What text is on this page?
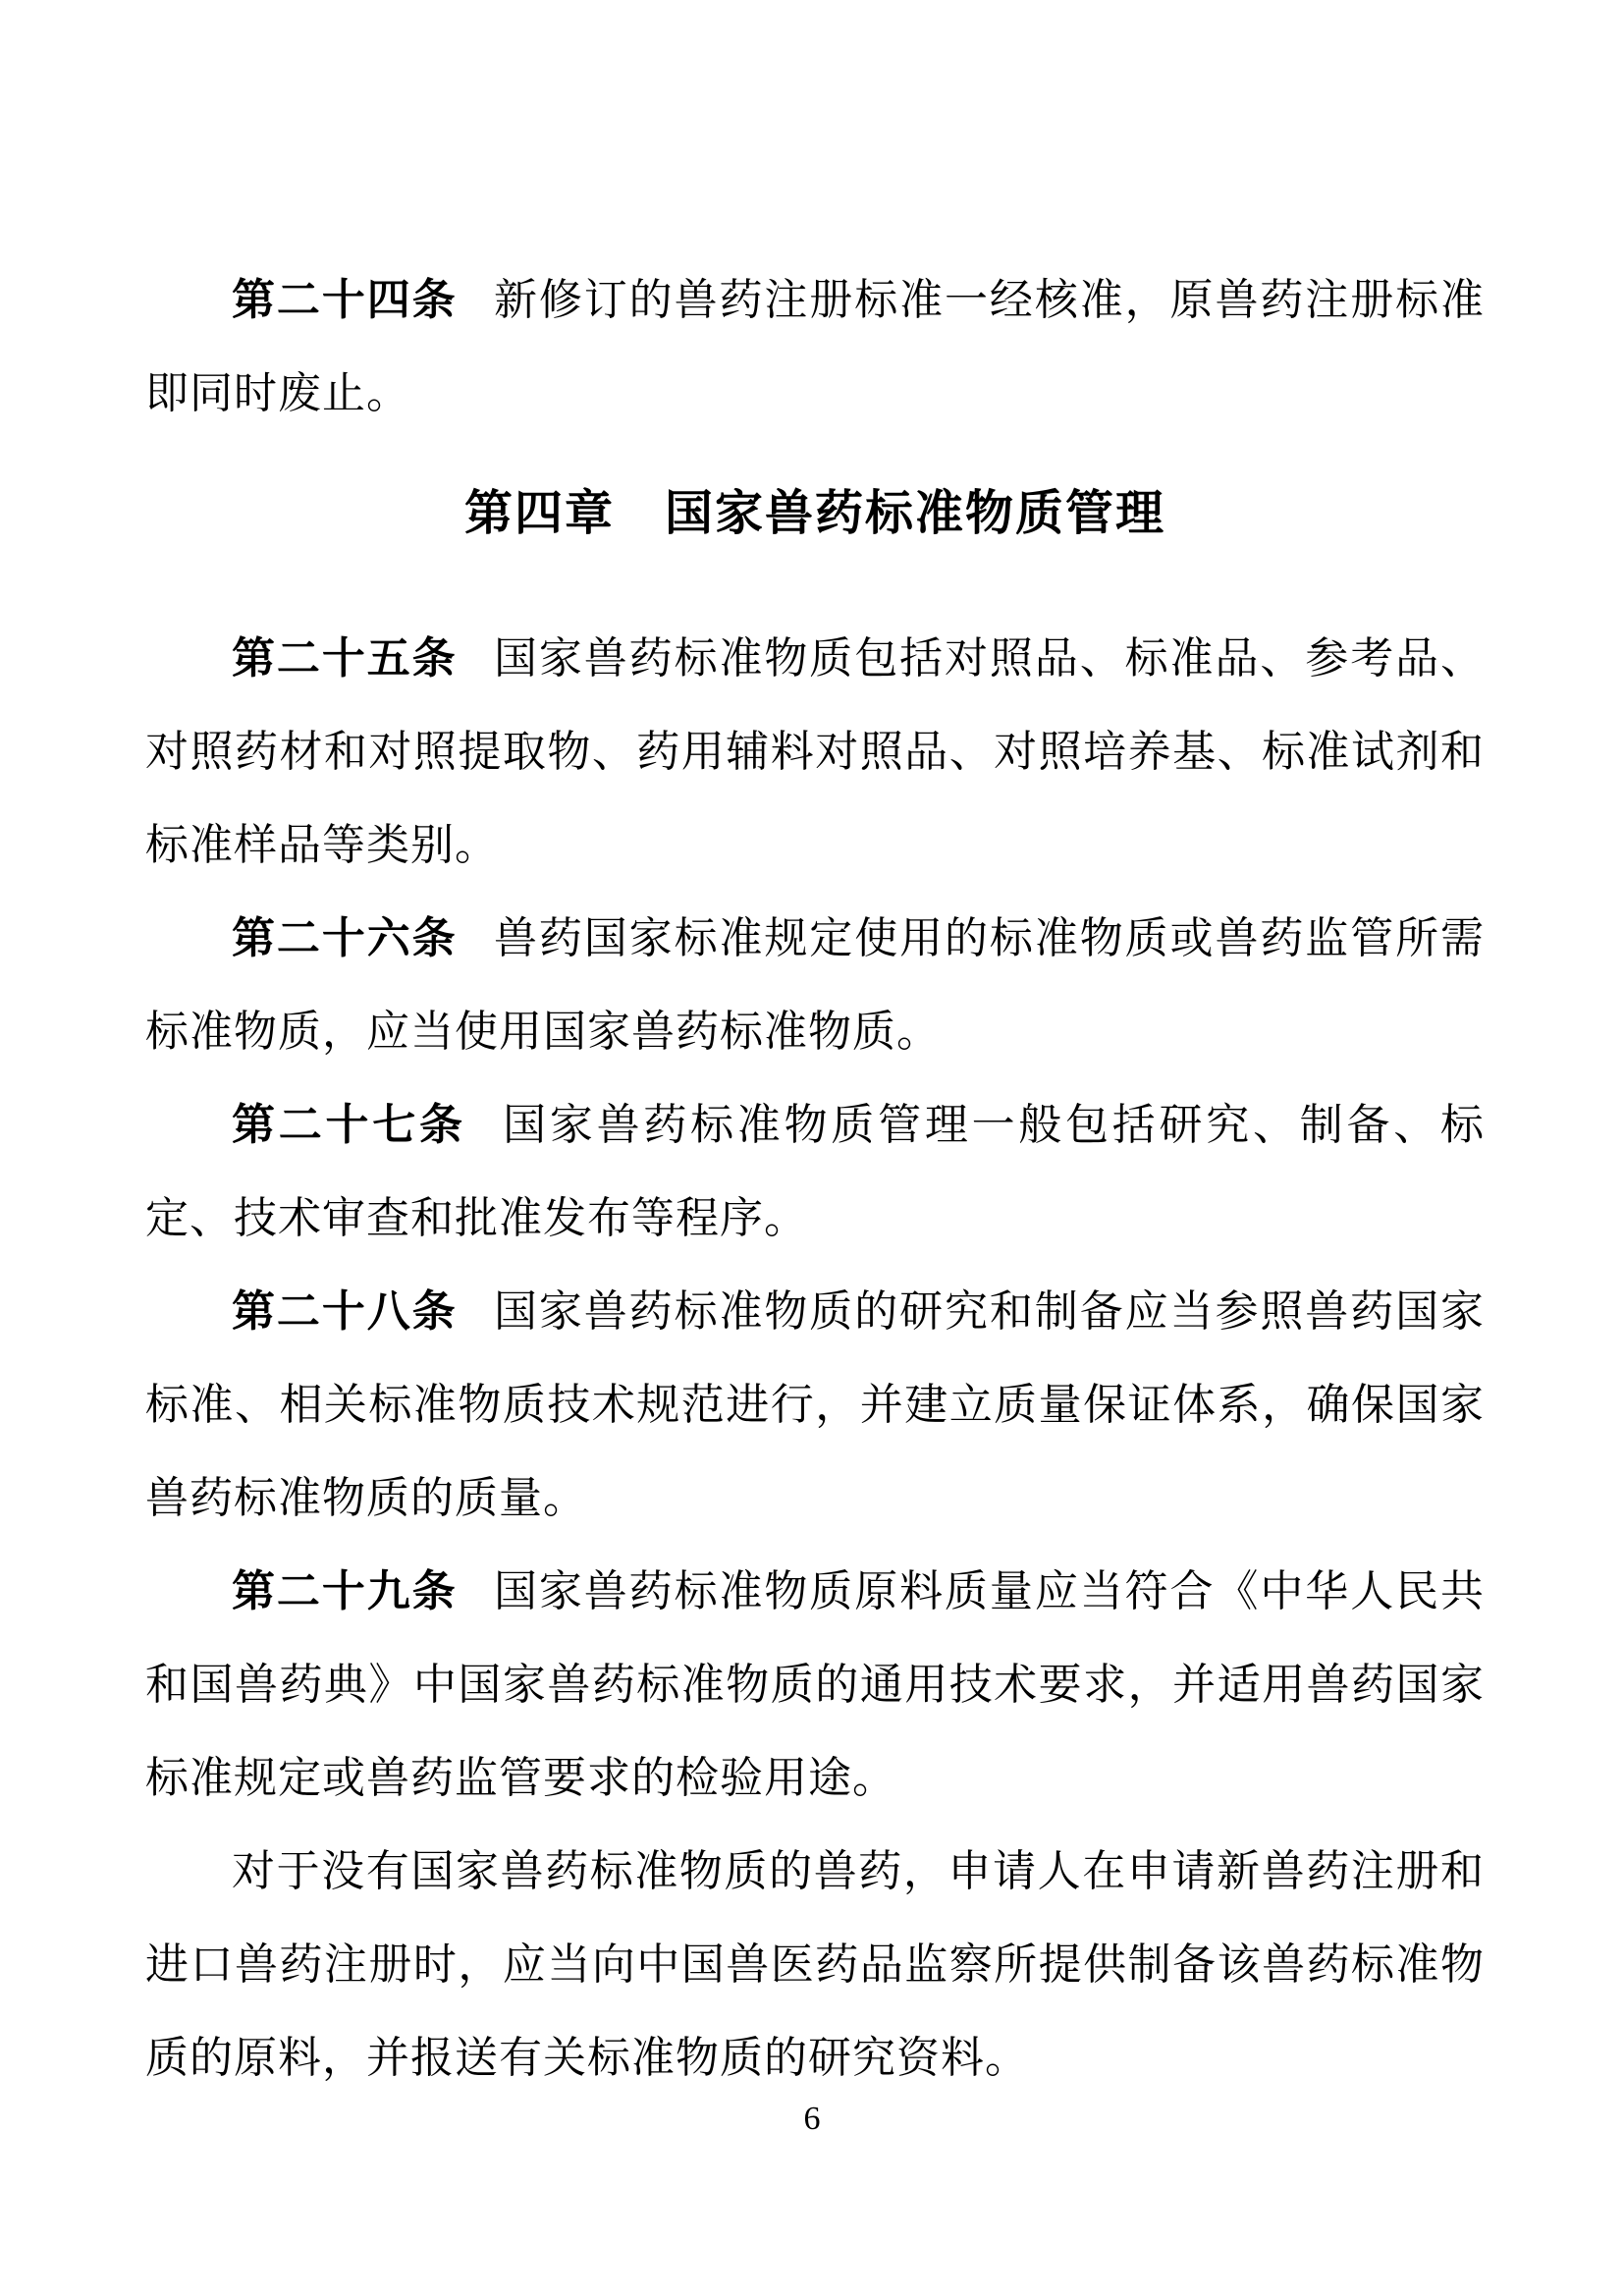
第二十四条 新修订的兽药注册标准一经核准，原兽药注册标准即同时废止。

第四章　国家兽药标准物质管理

第二十五条 国家兽药标准物质包括对照品、标准品、参考品、对照药材和对照提取物、药用辅料对照品、对照培养基、标准试剂和标准样品等类别。

第二十六条 兽药国家标准规定使用的标准物质或兽药监管所需标准物质，应当使用国家兽药标准物质。

第二十七条 国家兽药标准物质管理一般包括研究、制备、标定、技术审查和批准发布等程序。

第二十八条 国家兽药标准物质的研究和制备应当参照兽药国家标准、相关标准物质技术规范进行，并建立质量保证体系，确保国家兽药标准物质的质量。

第二十九条 国家兽药标准物质原料质量应当符合《中华人民共和国兽药典》中国家兽药标准物质的通用技术要求，并适用兽药国家标准规定或兽药监管要求的检验用途。

对于没有国家兽药标准物质的兽药，申请人在申请新兽药注册和进口兽药注册时，应当向中国兽医药品监察所提供制备该兽药标准物质的原料，并报送有关标准物质的研究资料。

6
